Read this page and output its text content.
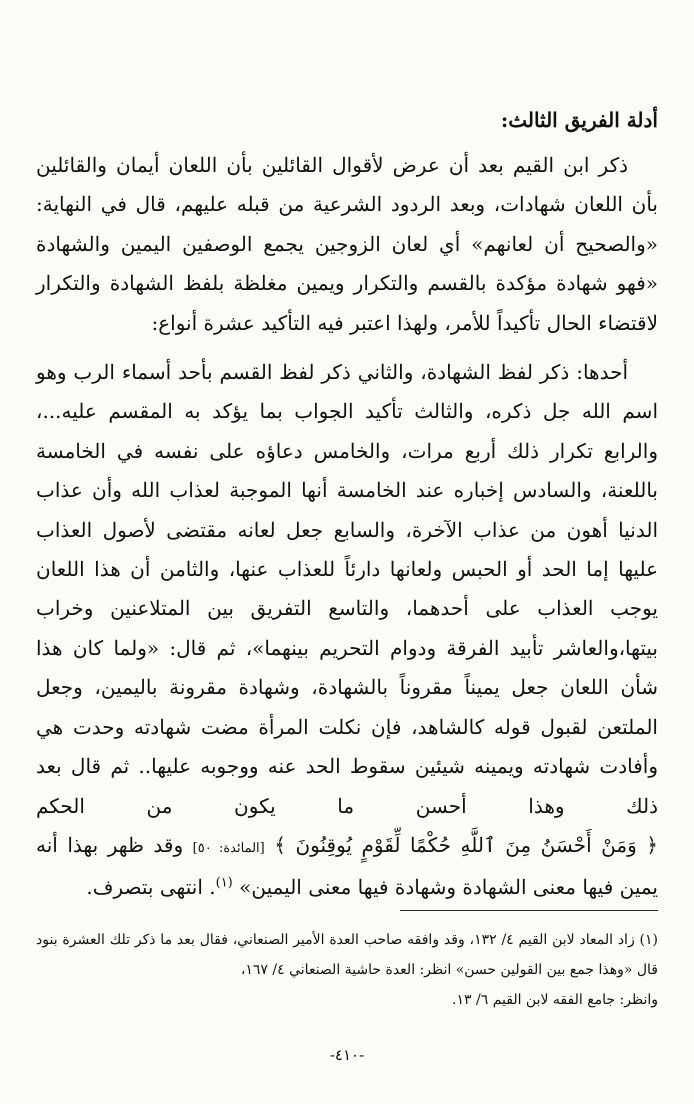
أدلة الفريق الثالث:

ذكر ابن القيم بعد أن عرض لأقوال القائلين بأن اللعان أيمان والقائلين بأن اللعان شهادات، وبعد الردود الشرعية من قبله عليهم، قال في النهاية: «والصحيح أن لعانهم» أي لعان الزوجين يجمع الوصفين اليمين والشهادة «فهو شهادة مؤكدة بالقسم والتكرار ويمين مغلظة بلفظ الشهادة والتكرار لاقتضاء الحال تأكيداً للأمر، ولهذا اعتبر فيه التأكيد عشرة أنواع:

أحدها: ذكر لفظ الشهادة، والثاني ذكر لفظ القسم بأحد أسماء الرب وهو اسم الله جل ذكره، والثالث تأكيد الجواب بما يؤكد به المقسم عليه...، والرابع تكرار ذلك أربع مرات، والخامس دعاؤه على نفسه في الخامسة باللعنة، والسادس إخباره عند الخامسة أنها الموجبة لعذاب الله وأن عذاب الدنيا أهون من عذاب الآخرة، والسابع جعل لعانه مقتضى لأصول العذاب عليها إما الحد أو الحبس ولعانها دارئاً للعذاب عنها، والثامن أن هذا اللعان يوجب العذاب على أحدهما، والتاسع التفريق بين المتلاعنين وخراب بيتها،والعاشر تأبيد الفرقة ودوام التحريم بينهما»، ثم قال: «ولما كان هذا شأن اللعان جعل يميناً مقروناً بالشهادة، وشهادة مقرونة باليمين، وجعل الملتعن لقبول قوله كالشاهد، فإن نكلت المرأة مضت شهادته وحدت هي وأفادت شهادته ويمينه شيئين سقوط الحد عنه ووجوبه عليها.. ثم قال بعد ذلك وهذا أحسن ما يكون من الحكم ﴿ وَمَنْ أَحْسَنُ مِنَ ٱللَّهِ حُكْمًا لِّقَوْمٍ يُوقِنُونَ ﴾ [المائدة: ٥٠] وقد ظهر بهذا أنه يمين فيها معنى الشهادة وشهادة فيها معنى اليمين» $^{(١)}$. انتهى بتصرف.

(١) زاد المعاد لابن القيم ٤/ ١٣٢، وقد وافقه صاحب العدة الأمير الصنعاني، فقال بعد ما ذكر تلك العشرة بنود قال «وهذا جمع بين القولين حسن» انظر: العدة حاشية الصنعاني ٤/ ١٦٧،

وانظر: جامع الفقه لابن القيم ٦/ ١٣.

-٤١٠-
